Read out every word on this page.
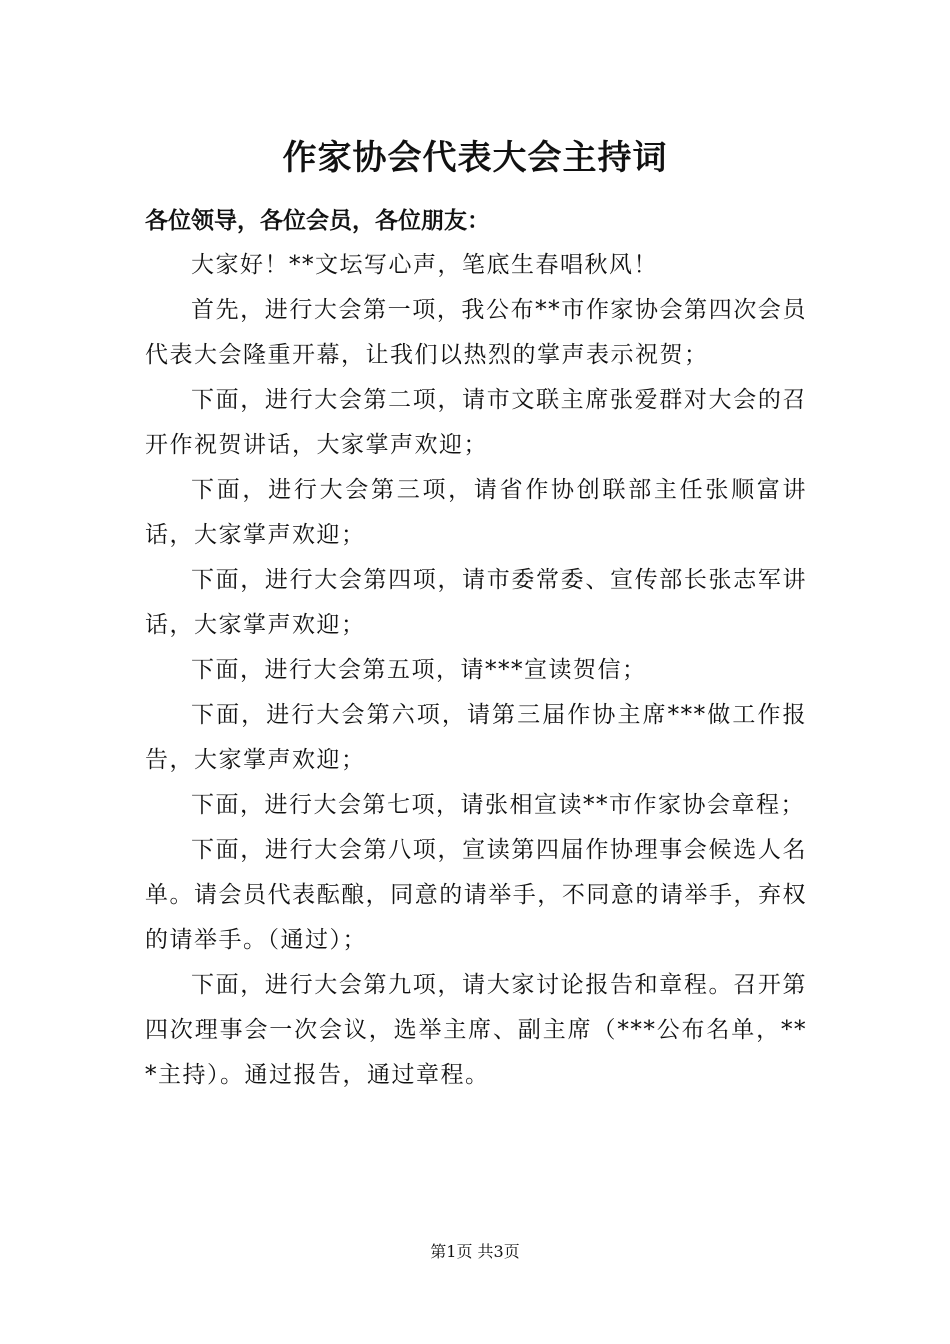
作家协会代表大会主持词
各位领导，各位会员，各位朋友：

大家好！**文坛写心声，笔底生春唱秋风！

首先，进行大会第一项，我公布**市作家协会第四次会员代表大会隆重开幕，让我们以热烈的掌声表示祝贺；

下面，进行大会第二项，请市文联主席张爱群对大会的召开作祝贺讲话，大家掌声欢迎；

下面，进行大会第三项，请省作协创联部主任张顺富讲话，大家掌声欢迎；

下面，进行大会第四项，请市委常委、宣传部长张志军讲话，大家掌声欢迎；

下面，进行大会第五项，请***宣读贺信；

下面，进行大会第六项，请第三届作协主席***做工作报告，大家掌声欢迎；

下面，进行大会第七项，请张相宣读**市作家协会章程；

下面，进行大会第八项，宣读第四届作协理事会候选人名单。请会员代表酝酿，同意的请举手，不同意的请举手，弃权的请举手。（通过）；

下面，进行大会第九项，请大家讨论报告和章程。召开第四次理事会一次会议，选举主席、副主席（***公布名单，***主持）。通过报告，通过章程。

第1页 共3页
